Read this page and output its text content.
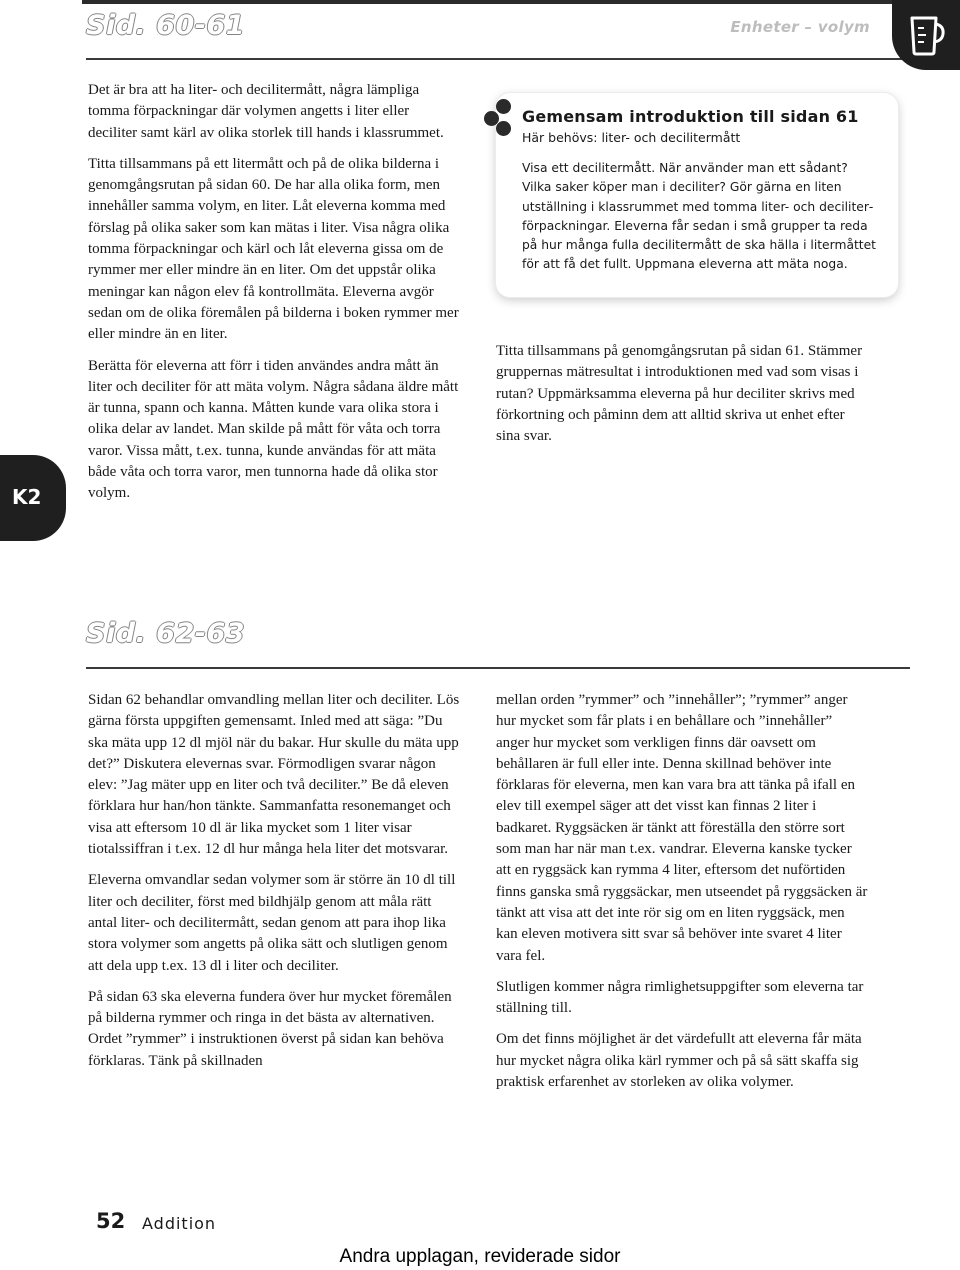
Sid. 60-61	Enheter – volym
K2

Det är bra att ha liter- och decilitermått, några lämpliga tomma förpackningar där volymen angetts i liter eller deciliter samt kärl av olika storlek till hands i klassrummet.

Titta tillsammans på ett litermått och på de olika bilderna i genomgångsrutan på sidan 60. De har alla olika form, men innehåller samma volym, en liter. Låt eleverna komma med förslag på olika saker som kan mätas i liter. Visa några olika tomma förpackningar och kärl och låt eleverna gissa om de rymmer mer eller mindre än en liter. Om det uppstår olika meningar kan någon elev få kontrollmäta. Eleverna avgör sedan om de olika föremålen på bilderna i boken rymmer mer eller mindre än en liter.

Berätta för eleverna att förr i tiden användes andra mått än liter och deciliter för att mäta volym. Några sådana äldre mått är tunna, spann och kanna. Måtten kunde vara olika stora i olika delar av landet. Man skilde på mått för våta och torra varor. Vissa mått, t.ex. tunna, kunde användas för att mäta både våta och torra varor, men tunnorna hade då olika stor volym.

Gemensam introduktion till sidan 61

Här behövs: liter- och decilitermått

Visa ett decilitermått. När använder man ett sådant? Vilka saker köper man i deciliter? Gör gärna en liten utställning i klassrummet med tomma liter- och deciliterförpackningar. Eleverna får sedan i små grupper ta reda på hur många fulla decilitermått de ska hälla i litermåttet för att få det fullt. Uppmana eleverna att mäta noga.

Titta tillsammans på genomgångsrutan på sidan 61. Stämmer gruppernas mätresultat i introduktionen med vad som visas i rutan? Uppmärksamma eleverna på hur deciliter skrivs med förkortning och påminn dem att alltid skriva ut enhet efter sina svar.

Sid. 62-63

Sidan 62 behandlar omvandling mellan liter och deciliter. Lös gärna första uppgiften gemensamt. Inled med att säga: ”Du ska mäta upp 12 dl mjöl när du bakar. Hur skulle du mäta upp det?” Diskutera elevernas svar. Förmodligen svarar någon elev: ”Jag mäter upp en liter och två deciliter.” Be då eleven förklara hur han/hon tänkte. Sammanfatta resonemanget och visa att eftersom 10 dl är lika mycket som 1 liter visar tiotalssiffran i t.ex. 12 dl hur många hela liter det motsvarar.

Eleverna omvandlar sedan volymer som är större än 10 dl till liter och deciliter, först med bildhjälp genom att måla rätt antal liter- och decilitermått, sedan genom att para ihop lika stora volymer som angetts på olika sätt och slutligen genom att dela upp t.ex. 13 dl i liter och deciliter.

På sidan 63 ska eleverna fundera över hur mycket föremålen på bilderna rymmer och ringa in det bästa av alternativen. Ordet ”rymmer” i instruktionen överst på sidan kan behöva förklaras. Tänk på skillnaden

mellan orden ”rymmer” och ”innehåller”; ”rymmer” anger hur mycket som får plats i en behållare och ”innehåller” anger hur mycket som verkligen finns där oavsett om behållaren är full eller inte. Denna skillnad behöver inte förklaras för eleverna, men kan vara bra att tänka på ifall en elev till exempel säger att det visst kan finnas 2 liter i badkaret. Ryggsäcken är tänkt att föreställa den större sort som man har när man t.ex. vandrar. Eleverna kanske tycker att en ryggsäck kan rymma 4 liter, eftersom det nuförtiden finns ganska små ryggsäckar, men utseendet på ryggsäcken är tänkt att visa att det inte rör sig om en liten ryggsäck, men kan eleven motivera sitt svar så behöver inte svaret 4 liter vara fel.

Slutligen kommer några rimlighetsuppgifter som eleverna tar ställning till.

Om det finns möjlighet är det värdefullt att eleverna får mäta hur mycket några olika kärl rymmer och på så sätt skaffa sig praktisk erfarenhet av storleken av olika volymer.

52 Addition
Andra upplagan, reviderade sidor
